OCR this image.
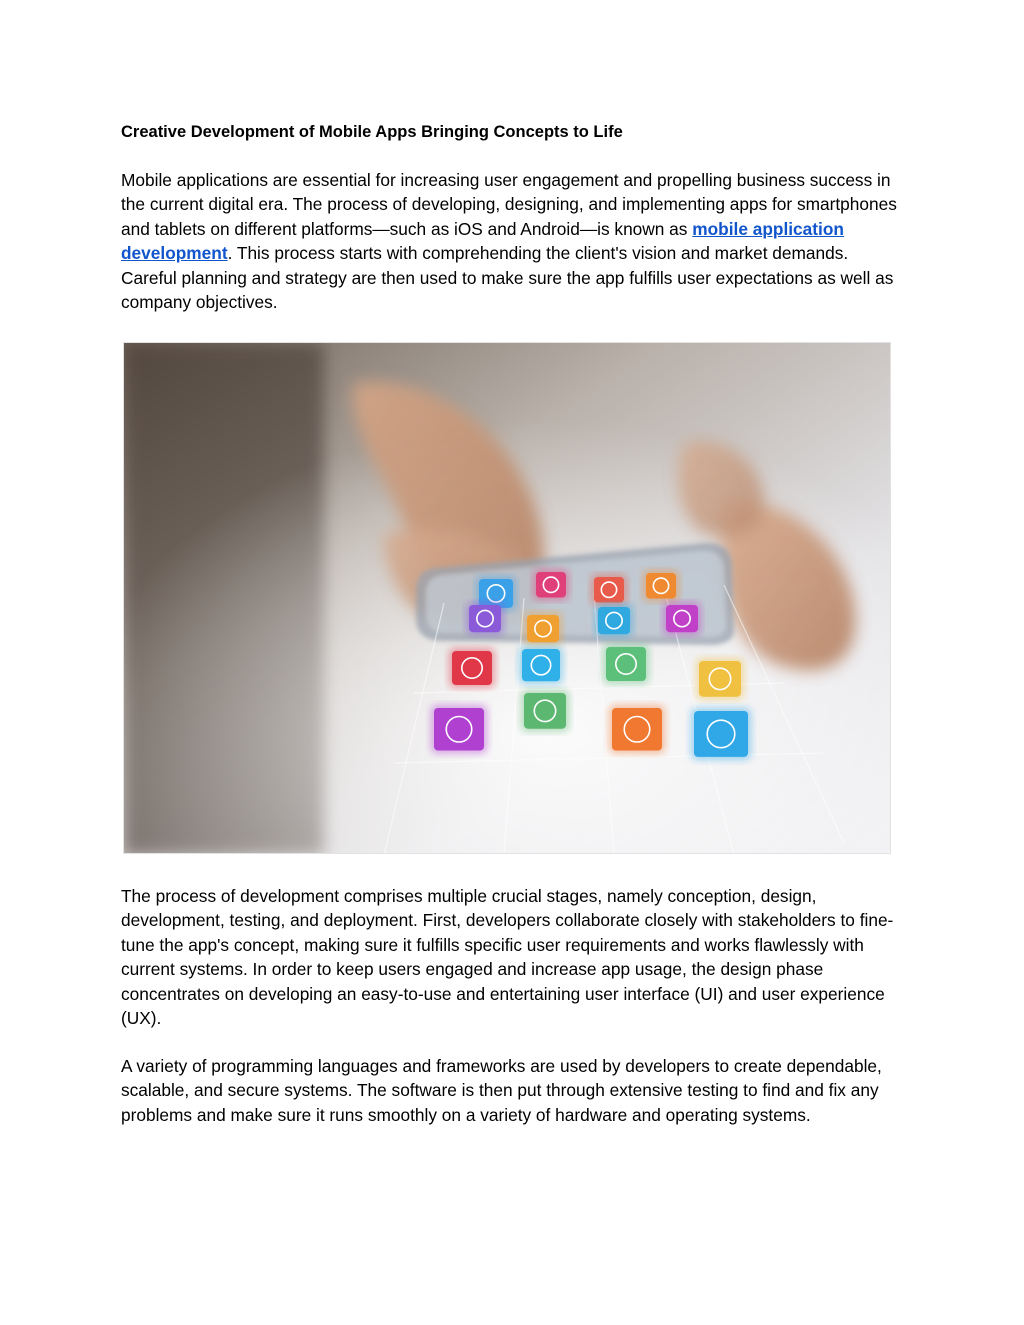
Creative Development of Mobile Apps Bringing Concepts to Life

Mobile applications are essential for increasing user engagement and propelling business success in the current digital era. The process of developing, designing, and implementing apps for smartphones and tablets on different platforms—such as iOS and Android—is known as mobile application development. This process starts with comprehending the client's vision and market demands. Careful planning and strategy are then used to make sure the app fulfills user expectations as well as company objectives.

The process of development comprises multiple crucial stages, namely conception, design, development, testing, and deployment. First, developers collaborate closely with stakeholders to fine-tune the app's concept, making sure it fulfills specific user requirements and works flawlessly with current systems. In order to keep users engaged and increase app usage, the design phase concentrates on developing an easy-to-use and entertaining user interface (UI) and user experience (UX).

A variety of programming languages and frameworks are used by developers to create dependable, scalable, and secure systems. The software is then put through extensive testing to find and fix any problems and make sure it runs smoothly on a variety of hardware and operating systems.
